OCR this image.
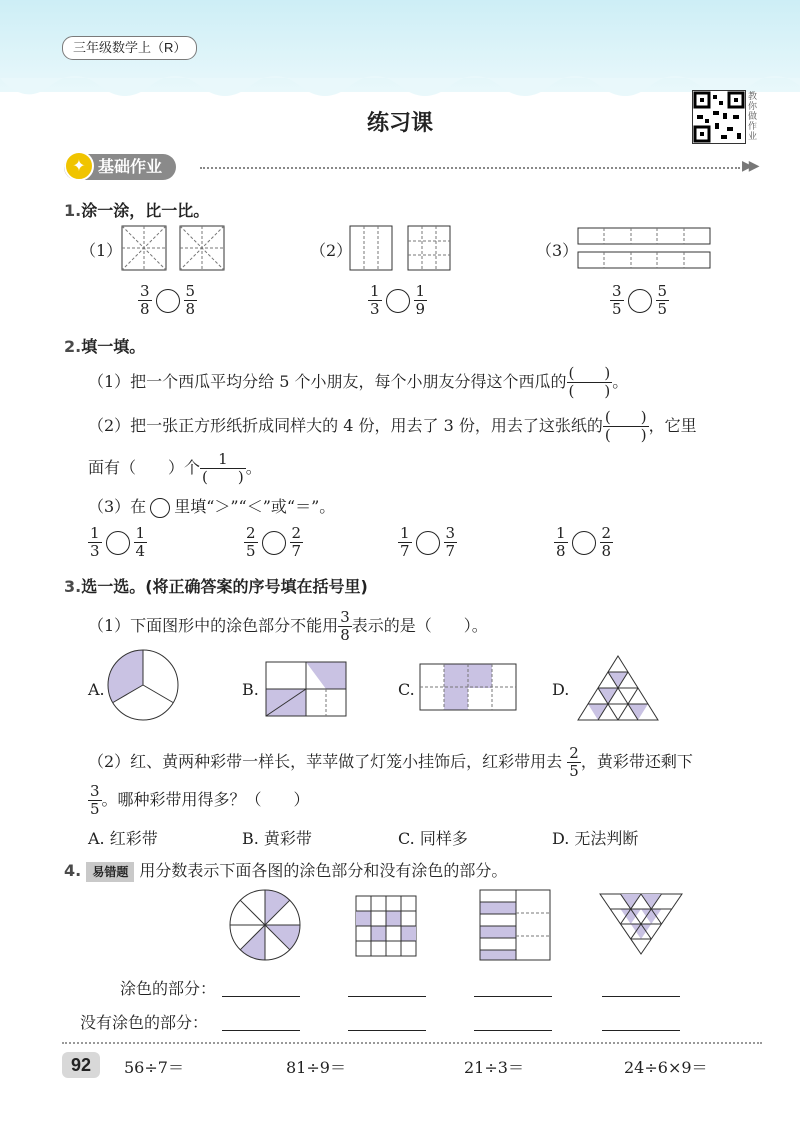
三年级数学上（R）
练习课
教你做作业
基础作业
✦	▶▶
1.涂一涂，比一比。
（1）	（2）	（3）
$\frac{3}{8} \frac{5}{8}$	$\frac{1}{3} \frac{1}{9}$	$\frac{3}{5} \frac{5}{5}$
2.填一填。
（1）把一个西瓜平均分给 5 个小朋友，每个小朋友分得这个西瓜的 $\frac{( )}{( )}$ 。
（2）把一张正方形纸折成同样大的 4 份，用去了 3 份，用去了这张纸的 $\frac{( )}{( )}$ ，它里
面有（　　）个 $\frac{1}{( )}$ 。
（3）在 里填“＞”“＜”或“＝”。
$\frac{1}{3} \frac{1}{4}$	$\frac{2}{5} \frac{2}{7}$	$\frac{1}{7} \frac{3}{7}$	$\frac{1}{8} \frac{2}{8}$
3.选一选。(将正确答案的序号填在括号里)
（1）下面图形中的涂色部分不能用 $\frac{3}{8}$ 表示的是（　　）。
A.	B.	C.	D.
（2）红、黄两种彩带一样长，苹苹做了灯笼小挂饰后，红彩带用去 $\frac{2}{5}$ ，黄彩带还剩下
$\frac{3}{5}$ 。哪种彩带用得多？（　　）
A. 红彩带	B. 黄彩带	C. 同样多	D. 无法判断
4. 易错题 用分数表示下面各图的涂色部分和没有涂色的部分。
涂色的部分：
没有涂色的部分：
92	56÷7＝	81÷9＝	21÷3＝	24÷6×9＝
